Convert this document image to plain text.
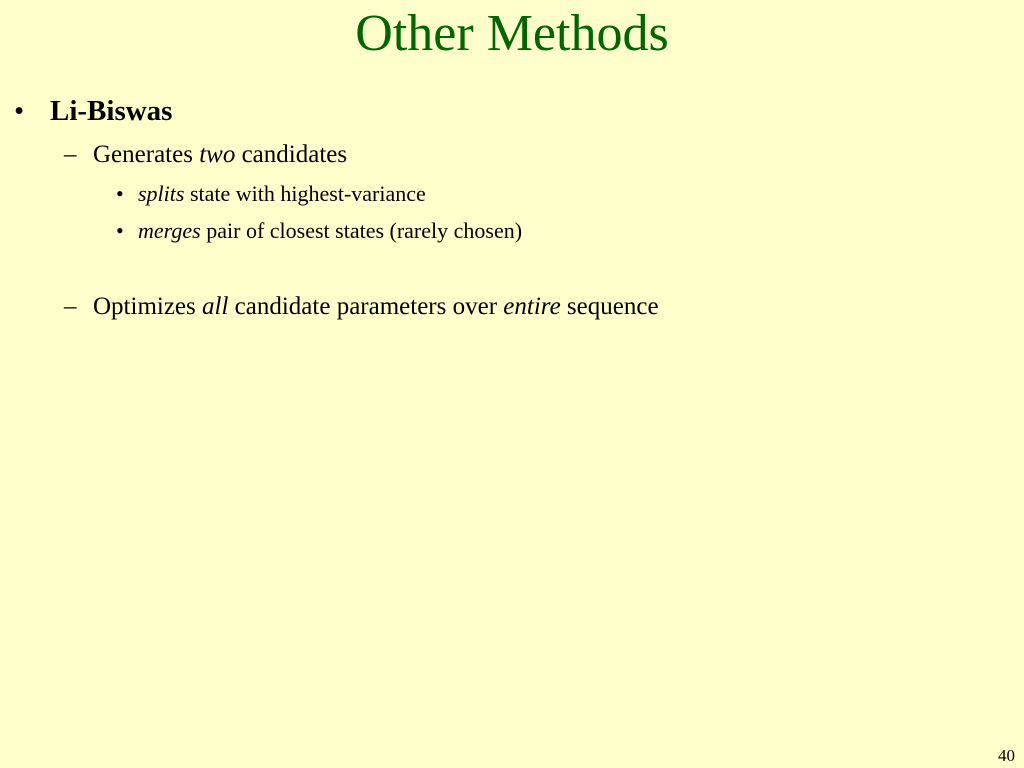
Other Methods
• Li-Biswas
– Generates two candidates
• splits state with highest-variance
• merges pair of closest states (rarely chosen)
– Optimizes all candidate parameters over entire sequence
40
